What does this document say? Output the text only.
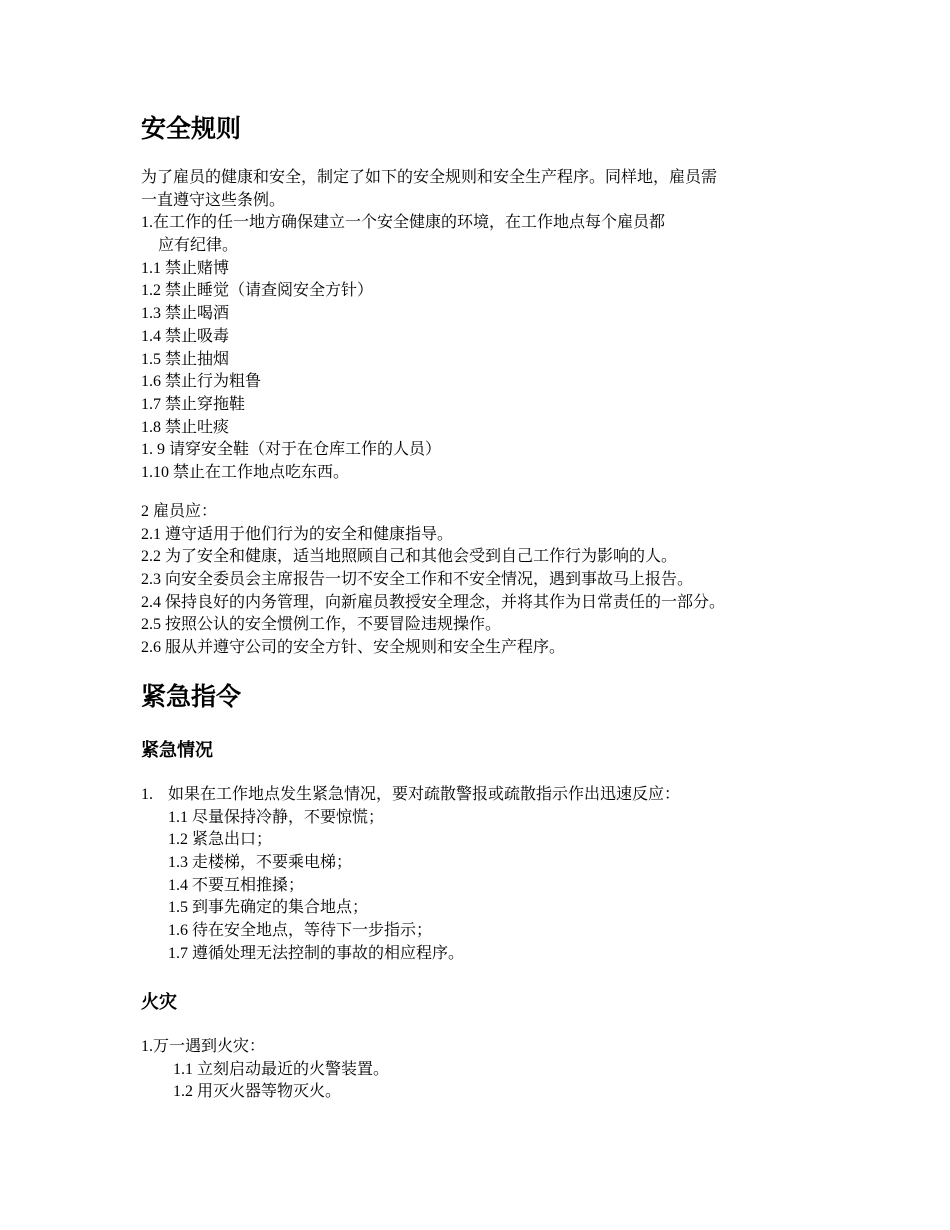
安全规则
为了雇员的健康和安全，制定了如下的安全规则和安全生产程序。同样地，雇员需
一直遵守这些条例。
1.在工作的任一地方确保建立一个安全健康的环境，在工作地点每个雇员都
应有纪律。
1.1 禁止赌博
1.2 禁止睡觉（请查阅安全方针）
1.3 禁止喝酒
1.4 禁止吸毒
1.5 禁止抽烟
1.6 禁止行为粗鲁
1.7 禁止穿拖鞋
1.8 禁止吐痰
1. 9 请穿安全鞋（对于在仓库工作的人员）
1.10 禁止在工作地点吃东西。
2 雇员应：
2.1 遵守适用于他们行为的安全和健康指导。
2.2 为了安全和健康，适当地照顾自己和其他会受到自己工作行为影响的人。
2.3 向安全委员会主席报告一切不安全工作和不安全情况，遇到事故马上报告。
2.4 保持良好的内务管理，向新雇员教授安全理念，并将其作为日常责任的一部分。
2.5 按照公认的安全惯例工作，不要冒险违规操作。
2.6 服从并遵守公司的安全方针、安全规则和安全生产程序。
紧急指令
紧急情况
1. 如果在工作地点发生紧急情况，要对疏散警报或疏散指示作出迅速反应：
1.1 尽量保持冷静，不要惊慌；
1.2 紧急出口；
1.3 走楼梯，不要乘电梯；
1.4 不要互相推搡；
1.5 到事先确定的集合地点；
1.6 待在安全地点，等待下一步指示；
1.7 遵循处理无法控制的事故的相应程序。
火灾
1.万一遇到火灾：
1.1 立刻启动最近的火警装置。
1.2 用灭火器等物灭火。
